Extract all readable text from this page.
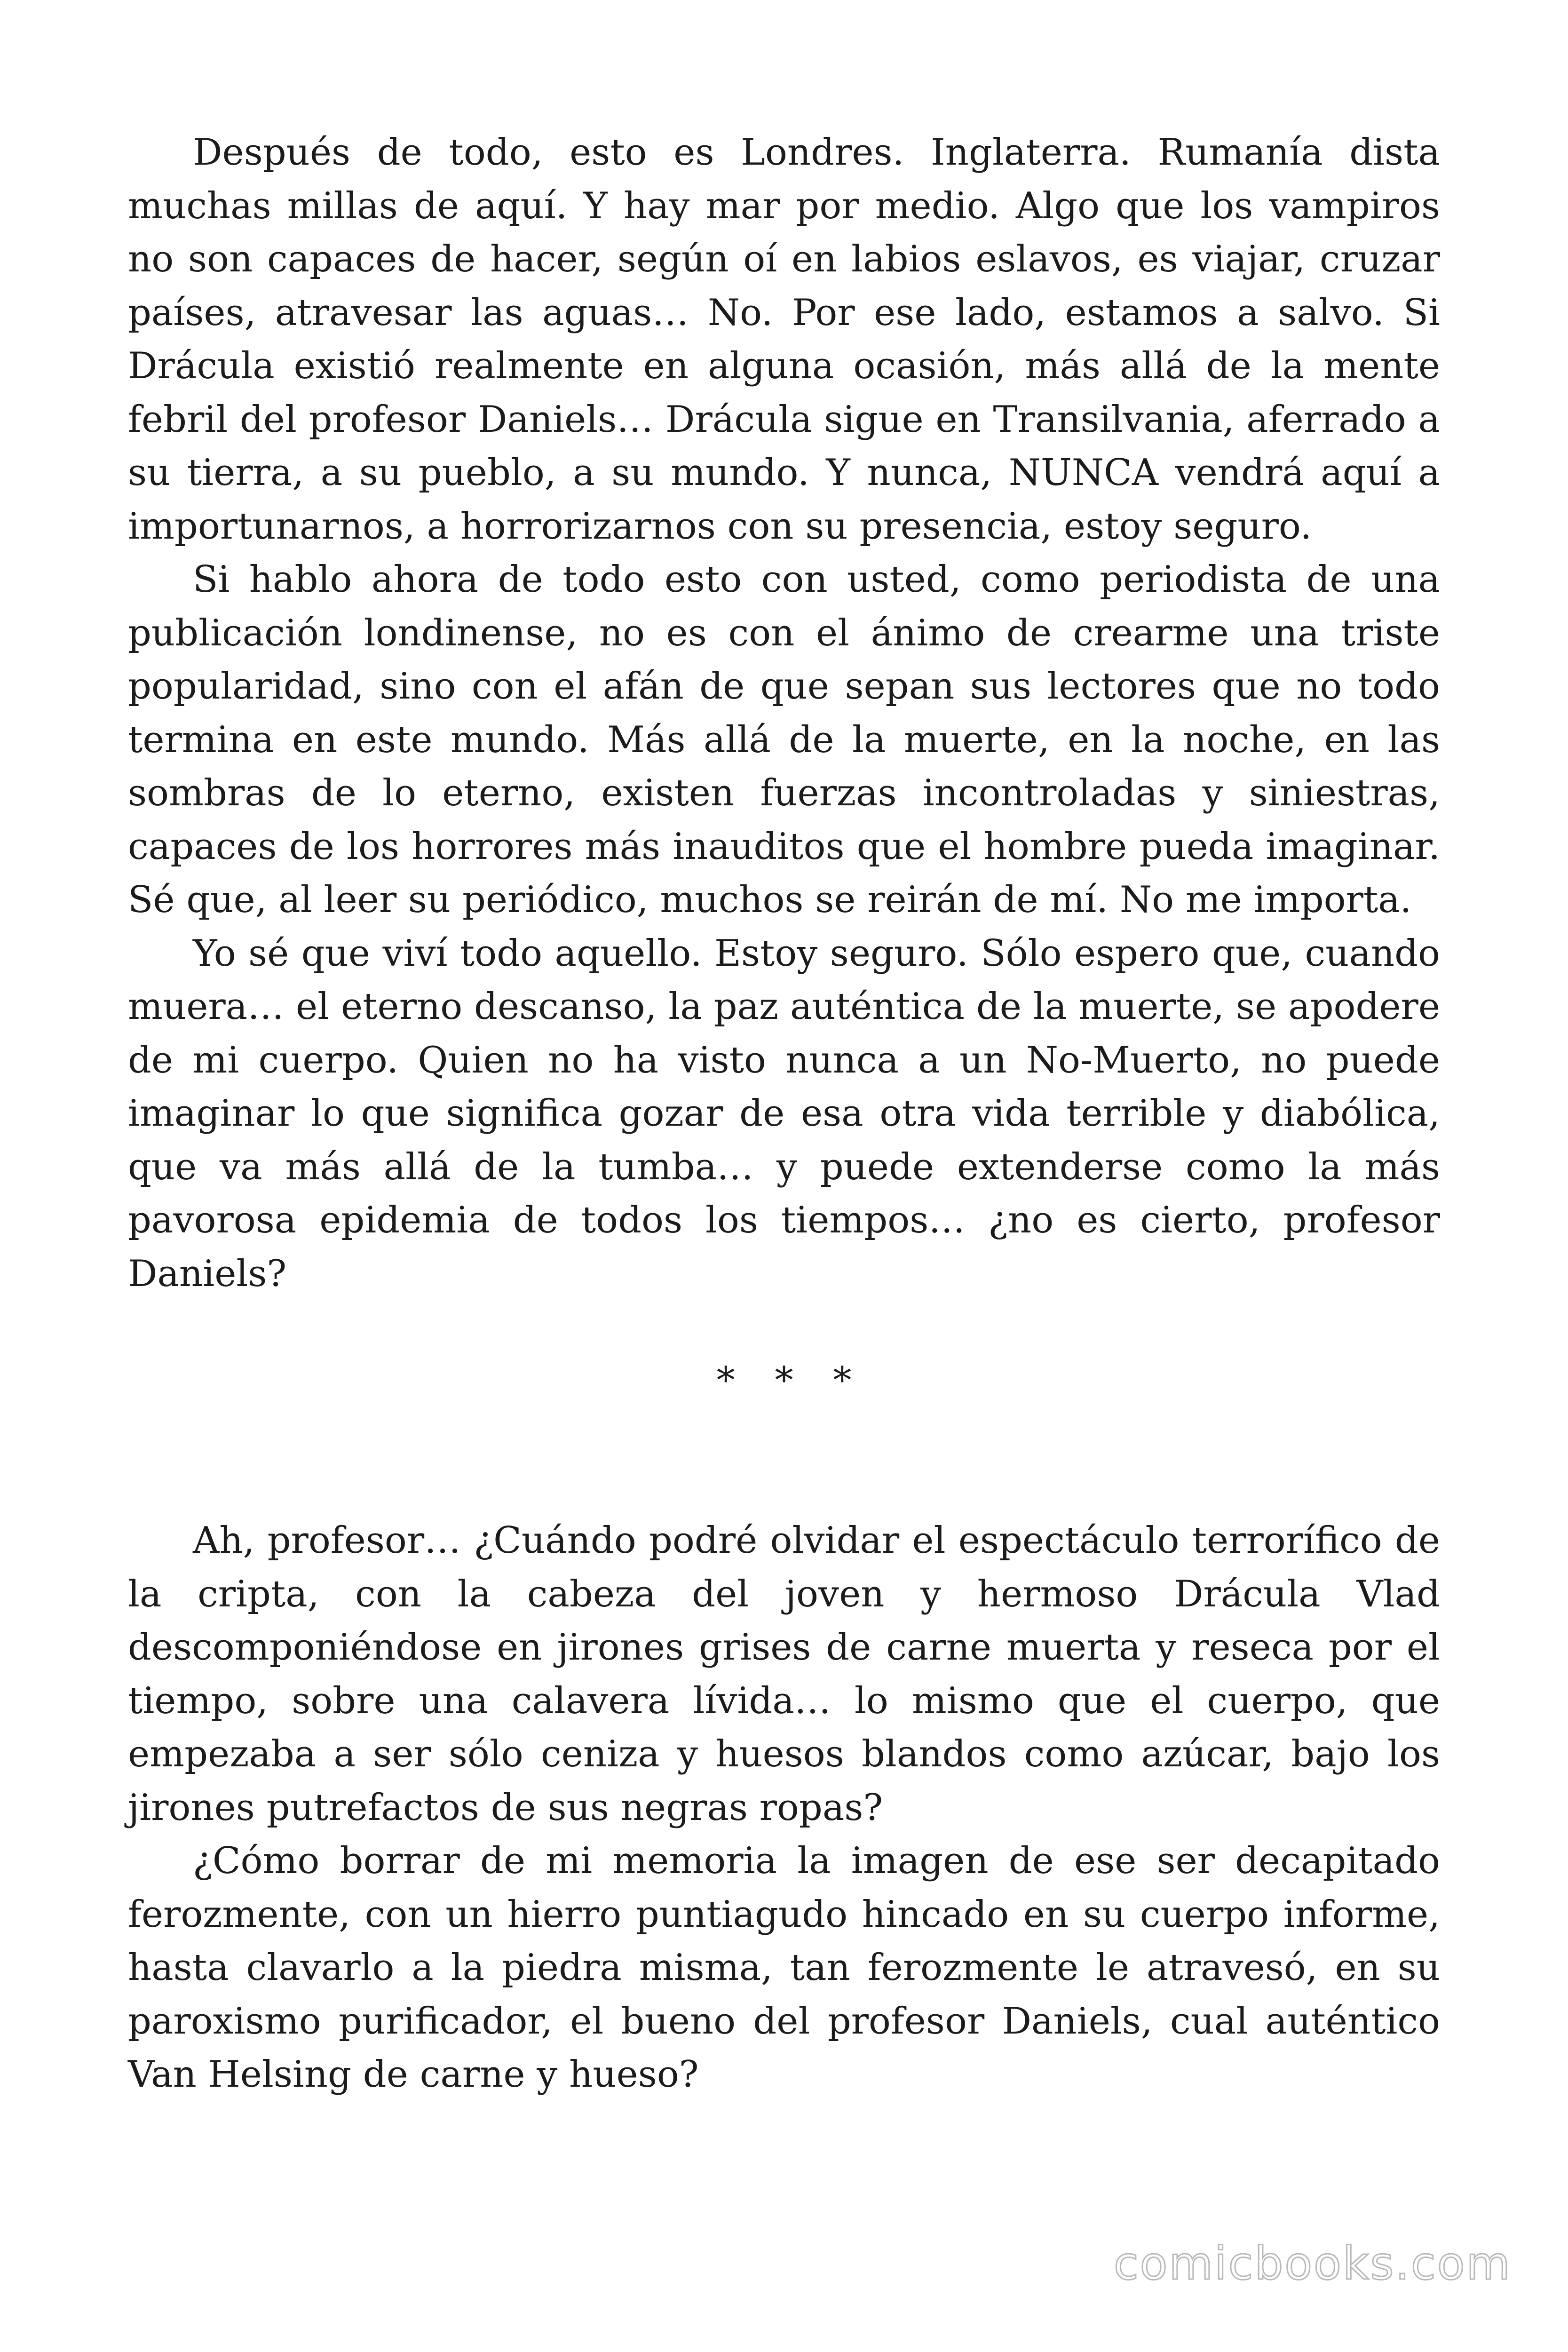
Después de todo, esto es Londres. Inglaterra. Rumanía dista muchas millas de aquí. Y hay mar por medio. Algo que los vampiros no son capaces de hacer, según oí en labios eslavos, es viajar, cruzar países, atravesar las aguas… No. Por ese lado, estamos a salvo. Si Drácula existió realmente en alguna ocasión, más allá de la mente febril del profesor Daniels… Drácula sigue en Transilvania, aferrado a su tierra, a su pueblo, a su mundo. Y nunca, NUNCA vendrá aquí a importunarnos, a horrorizarnos con su presencia, estoy seguro.

Si hablo ahora de todo esto con usted, como periodista de una publicación londinense, no es con el ánimo de crearme una triste popularidad, sino con el afán de que sepan sus lectores que no todo termina en este mundo. Más allá de la muerte, en la noche, en las sombras de lo eterno, existen fuerzas incontroladas y siniestras, capaces de los horrores más inauditos que el hombre pueda imaginar. Sé que, al leer su periódico, muchos se reirán de mí. No me importa.

Yo sé que viví todo aquello. Estoy seguro. Sólo espero que, cuando muera… el eterno descanso, la paz auténtica de la muerte, se apodere de mi cuerpo. Quien no ha visto nunca a un No-Muerto, no puede imaginar lo que significa gozar de esa otra vida terrible y diabólica, que va más allá de la tumba… y puede extenderse como la más pavorosa epidemia de todos los tiempos… ¿no es cierto, profesor Daniels?

* * *

Ah, profesor… ¿Cuándo podré olvidar el espectáculo terrorífico de la cripta, con la cabeza del joven y hermoso Drácula Vlad descomponiéndose en jirones grises de carne muerta y reseca por el tiempo, sobre una calavera lívida… lo mismo que el cuerpo, que empezaba a ser sólo ceniza y huesos blandos como azúcar, bajo los jirones putrefactos de sus negras ropas?

¿Cómo borrar de mi memoria la imagen de ese ser decapitado ferozmente, con un hierro puntiagudo hincado en su cuerpo informe, hasta clavarlo a la piedra misma, tan ferozmente le atravesó, en su paroxismo purificador, el bueno del profesor Daniels, cual auténtico Van Helsing de carne y hueso?

comicbooks.com
